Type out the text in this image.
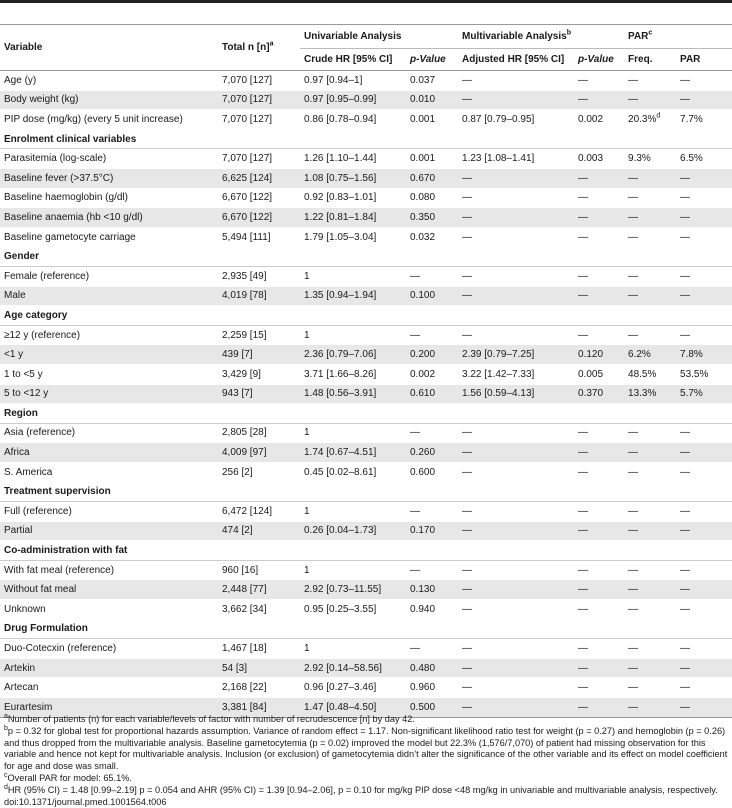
Variable	Total n $[n]^a$	Univariable Analysis		Multivariable Analysis$^b$		PAR$^c$
		Crude HR [95% CI]	p-Value	Adjusted HR [95% CI]	p-Value	Freq.	PAR
Age (y)	7,070 [127]	0.97 [0.94–1]	0.037	—	—	—	—
Body weight (kg)	7,070 [127]	0.97 [0.95–0.99]	0.010	—	—	—	—
PIP dose (mg/kg) (every 5 unit increase)	7,070 [127]	0.86 [0.78–0.94]	0.001	0.87 [0.79–0.95]	0.002	20.3%$^d$	7.7%
Enrolment clinical variables							
Parasitemia (log-scale)	7,070 [127]	1.26 [1.10–1.44]	0.001	1.23 [1.08–1.41]	0.003	9.3%	6.5%
Baseline fever (>37.5°C)	6,625 [124]	1.08 [0.75–1.56]	0.670	—	—	—	—
Baseline haemoglobin (g/dl)	6,670 [122]	0.92 [0.83–1.01]	0.080	—	—	—	—
Baseline anaemia (hb <10 g/dl)	6,670 [122]	1.22 [0.81–1.84]	0.350	—	—	—	—
Baseline gametocyte carriage	5,494 [111]	1.79 [1.05–3.04]	0.032	—	—	—	—
Gender							
Female (reference)	2,935 [49]	1	—	—	—	—	—
Male	4,019 [78]	1.35 [0.94–1.94]	0.100	—	—	—	—
Age category							
≥12 y (reference)	2,259 [15]	1	—	—	—	—	—
<1 y	439 [7]	2.36 [0.79–7.06]	0.200	2.39 [0.79–7.25]	0.120	6.2%	7.8%
1 to <5 y	3,429 [9]	3.71 [1.66–8.26]	0.002	3.22 [1.42–7.33]	0.005	48.5%	53.5%
5 to <12 y	943 [7]	1.48 [0.56–3.91]	0.610	1.56 [0.59–4.13]	0.370	13.3%	5.7%
Region							
Asia (reference)	2,805 [28]	1	—	—	—	—	—
Africa	4,009 [97]	1.74 [0.67–4.51]	0.260	—	—	—	—
S. America	256 [2]	0.45 [0.02–8.61]	0.600	—	—	—	—
Treatment supervision							
Full (reference)	6,472 [124]	1	—	—	—	—	—
Partial	474 [2]	0.26 [0.04–1.73]	0.170	—	—	—	—
Co-administration with fat							
With fat meal (reference)	960 [16]	1	—	—	—	—	—
Without fat meal	2,448 [77]	2.92 [0.73–11.55]	0.130	—	—	—	—
Unknown	3,662 [34]	0.95 [0.25–3.55]	0.940	—	—	—	—
Drug Formulation							
Duo-Cotecxin (reference)	1,467 [18]	1	—	—	—	—	—
Artekin	54 [3]	2.92 [0.14–58.56]	0.480	—	—	—	—
Artecan	2,168 [22]	0.96 [0.27–3.46]	0.960	—	—	—	—
Eurartesim	3,381 [84]	1.47 [0.48–4.50]	0.500	—	—	—	—

$^a$Number of patients (n) for each variable/levels of factor with number of recrudescence [n] by day 42.

$^b$p = 0.32 for global test for proportional hazards assumption. Variance of random effect = 1.17. Non-significant likelihood ratio test for weight (p = 0.27) and hemoglobin (p = 0.26) and thus dropped from the multivariable analysis. Baseline gametocytemia (p = 0.02) improved the model but 22.3% (1,576/7,070) of patient had missing observation for this variable and hence not kept for multivariable analysis. Inclusion (or exclusion) of gametocytemia didn’t alter the significance of the other variable and its effect on model coefficient for age and dose was small.

$^c$Overall PAR for model: 65.1%.

$^d$HR (95% CI) = 1.48 [0.99–2.19] p = 0.054 and AHR (95% CI) = 1.39 [0.94–2.06], p = 0.10 for mg/kg PIP dose <48 mg/kg in univariable and multivariable analysis, respectively.

doi:10.1371/journal.pmed.1001564.t006
